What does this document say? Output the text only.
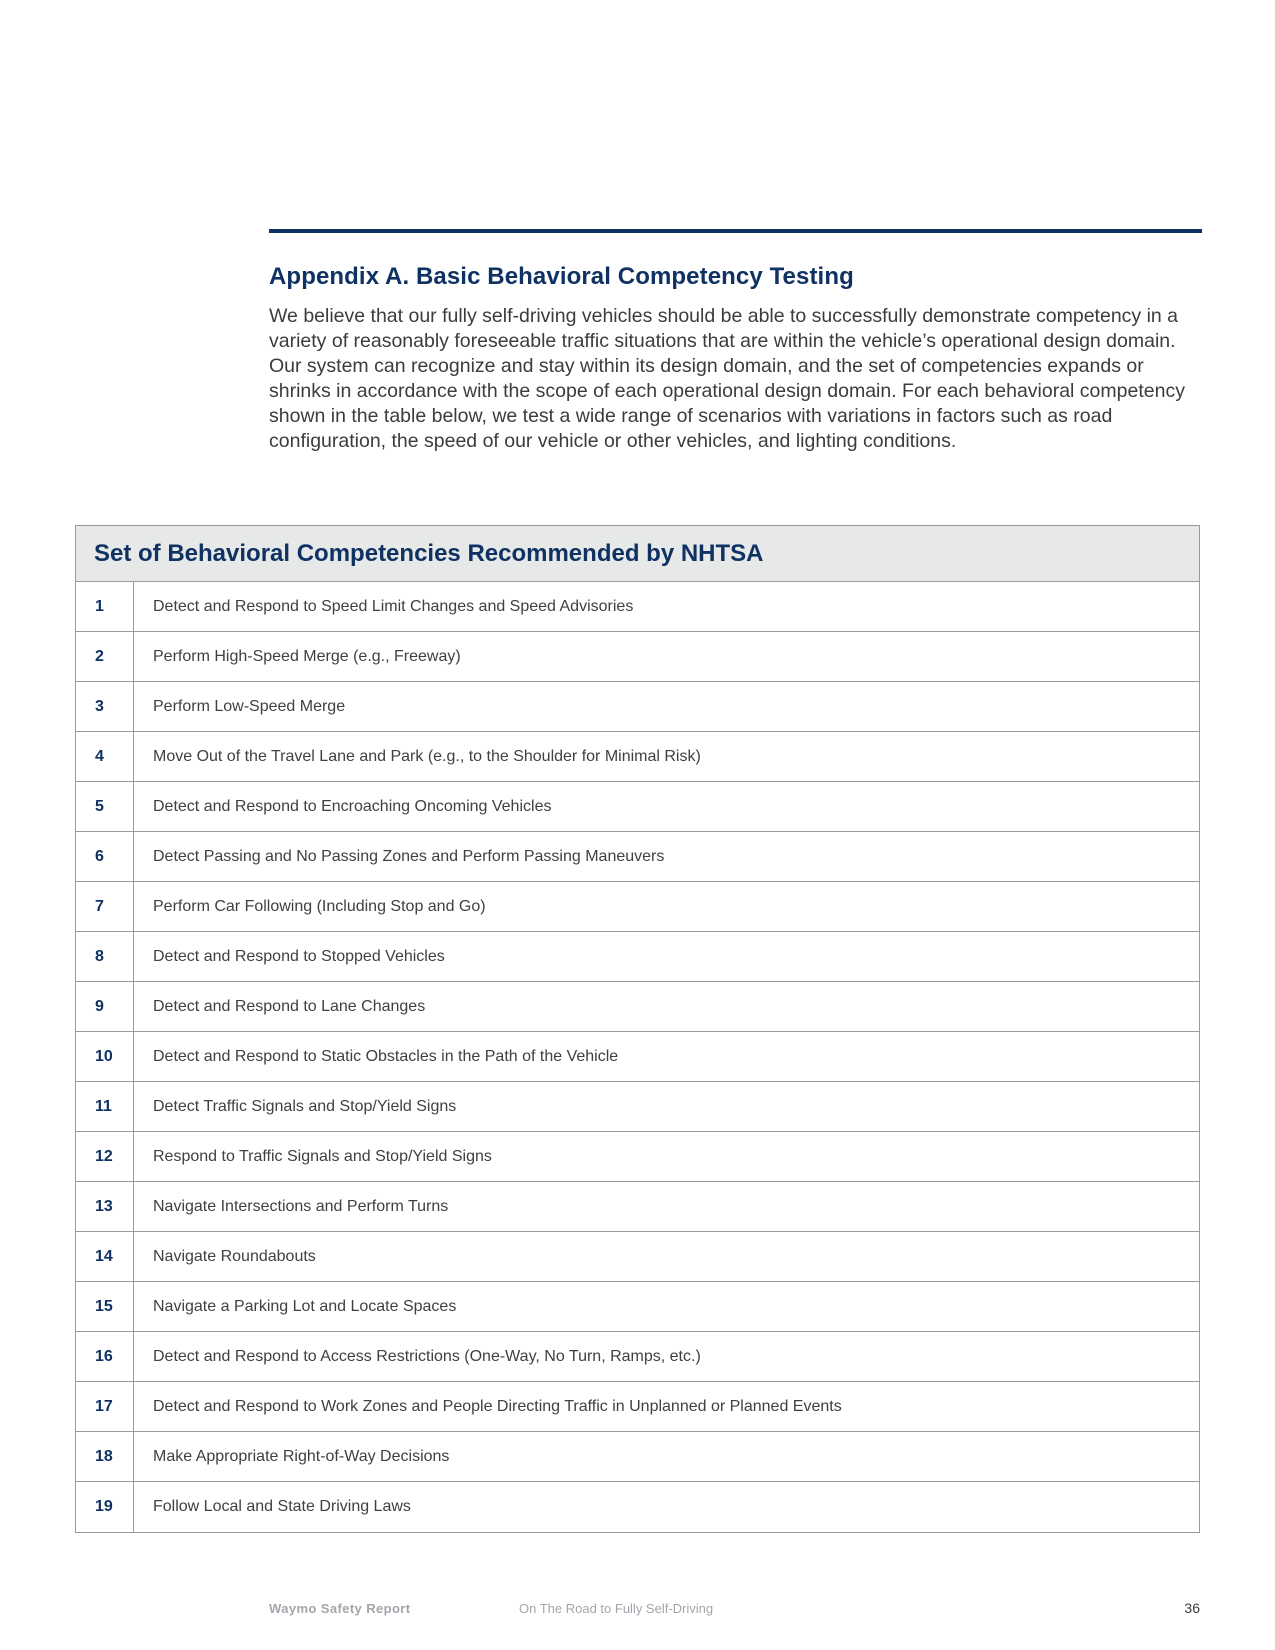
Appendix A. Basic Behavioral Competency Testing

We believe that our fully self-driving vehicles should be able to successfully demonstrate competency in a variety of reasonably foreseeable traffic situations that are within the vehicle’s operational design domain. Our system can recognize and stay within its design domain, and the set of competencies expands or shrinks in accordance with the scope of each operational design domain. For each behavioral competency shown in the table below, we test a wide range of scenarios with variations in factors such as road configuration, the speed of our vehicle or other vehicles, and lighting conditions.

Set of Behavioral Competencies Recommended by NHTSA
1	Detect and Respond to Speed Limit Changes and Speed Advisories
2	Perform High-Speed Merge (e.g., Freeway)
3	Perform Low-Speed Merge
4	Move Out of the Travel Lane and Park (e.g., to the Shoulder for Minimal Risk)
5	Detect and Respond to Encroaching Oncoming Vehicles
6	Detect Passing and No Passing Zones and Perform Passing Maneuvers
7	Perform Car Following (Including Stop and Go)
8	Detect and Respond to Stopped Vehicles
9	Detect and Respond to Lane Changes
10	Detect and Respond to Static Obstacles in the Path of the Vehicle
11	Detect Traffic Signals and Stop/Yield Signs
12	Respond to Traffic Signals and Stop/Yield Signs
13	Navigate Intersections and Perform Turns
14	Navigate Roundabouts
15	Navigate a Parking Lot and Locate Spaces
16	Detect and Respond to Access Restrictions (One-Way, No Turn, Ramps, etc.)
17	Detect and Respond to Work Zones and People Directing Traffic in Unplanned or Planned Events
18	Make Appropriate Right-of-Way Decisions
19	Follow Local and State Driving Laws
Waymo Safety Report	On The Road to Fully Self-Driving	36
